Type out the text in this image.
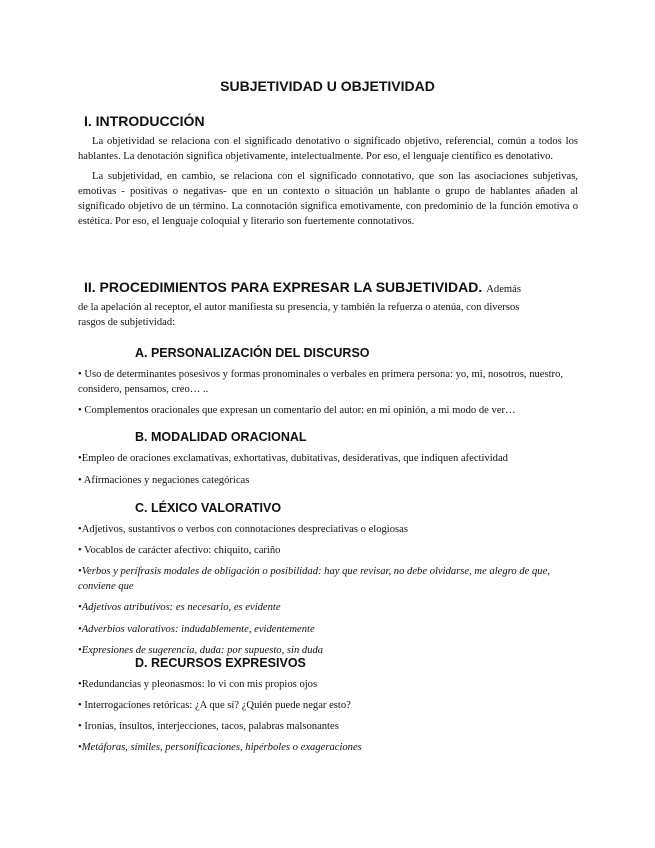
SUBJETIVIDAD U OBJETIVIDAD
I. INTRODUCCIÓN

La objetividad se relaciona con el significado denotativo o significado objetivo, referencial, común a todos los hablantes. La denotación significa objetivamente, intelectualmente. Por eso, el lenguaje científico es denotativo.

La subjetividad, en cambio, se relaciona con el significado connotativo, que son las asociaciones subjetivas, emotivas - positivas o negativas- que en un contexto o situación un hablante o grupo de hablantes añaden al significado objetivo de un término. La connotación significa emotivamente, con predominio de la función emotiva o estética. Por eso, el lenguaje coloquial y literario son fuertemente connotativos.

II. PROCEDIMIENTOS PARA EXPRESAR LA SUBJETIVIDAD. Además
de la apelación al receptor, el autor manifiesta su presencia, y también la refuerza o atenúa, con diversos rasgos de subjetividad:
A. PERSONALIZACIÓN DEL DISCURSO
• Uso de determinantes posesivos y formas pronominales o verbales en primera persona: yo, mi, nosotros, nuestro, considero, pensamos, creo… ..
• Complementos oracionales que expresan un comentario del autor: en mi opinión, a mi modo de ver…
B. MODALIDAD ORACIONAL
•Empleo de oraciones exclamativas, exhortativas, dubitativas, desiderativas, que indiquen afectividad
• Afirmaciones y negaciones categóricas
C. LÉXICO VALORATIVO
•Adjetivos, sustantivos o verbos con connotaciones despreciativas o elogiosas
• Vocablos de carácter afectivo: chiquito, cariño
•Verbos y perífrasis modales de obligación o posibilidad: hay que revisar, no debe olvidarse, me alegro de que, conviene que
•Adjetivos atributivos: es necesario, es evidente
•Adverbios valorativos: indudablemente, evidentemente
•Expresiones de sugerencia, duda: por supuesto, sin duda
D. RECURSOS EXPRESIVOS
•Redundancias y pleonasmos: lo vi con mis propios ojos
• Interrogaciones retóricas: ¿A que sí? ¿Quién puede negar esto?
• Ironías, insultos, interjecciones, tacos, palabras malsonantes
•Metáforas, símiles, personificaciones, hipérboles o exageraciones
